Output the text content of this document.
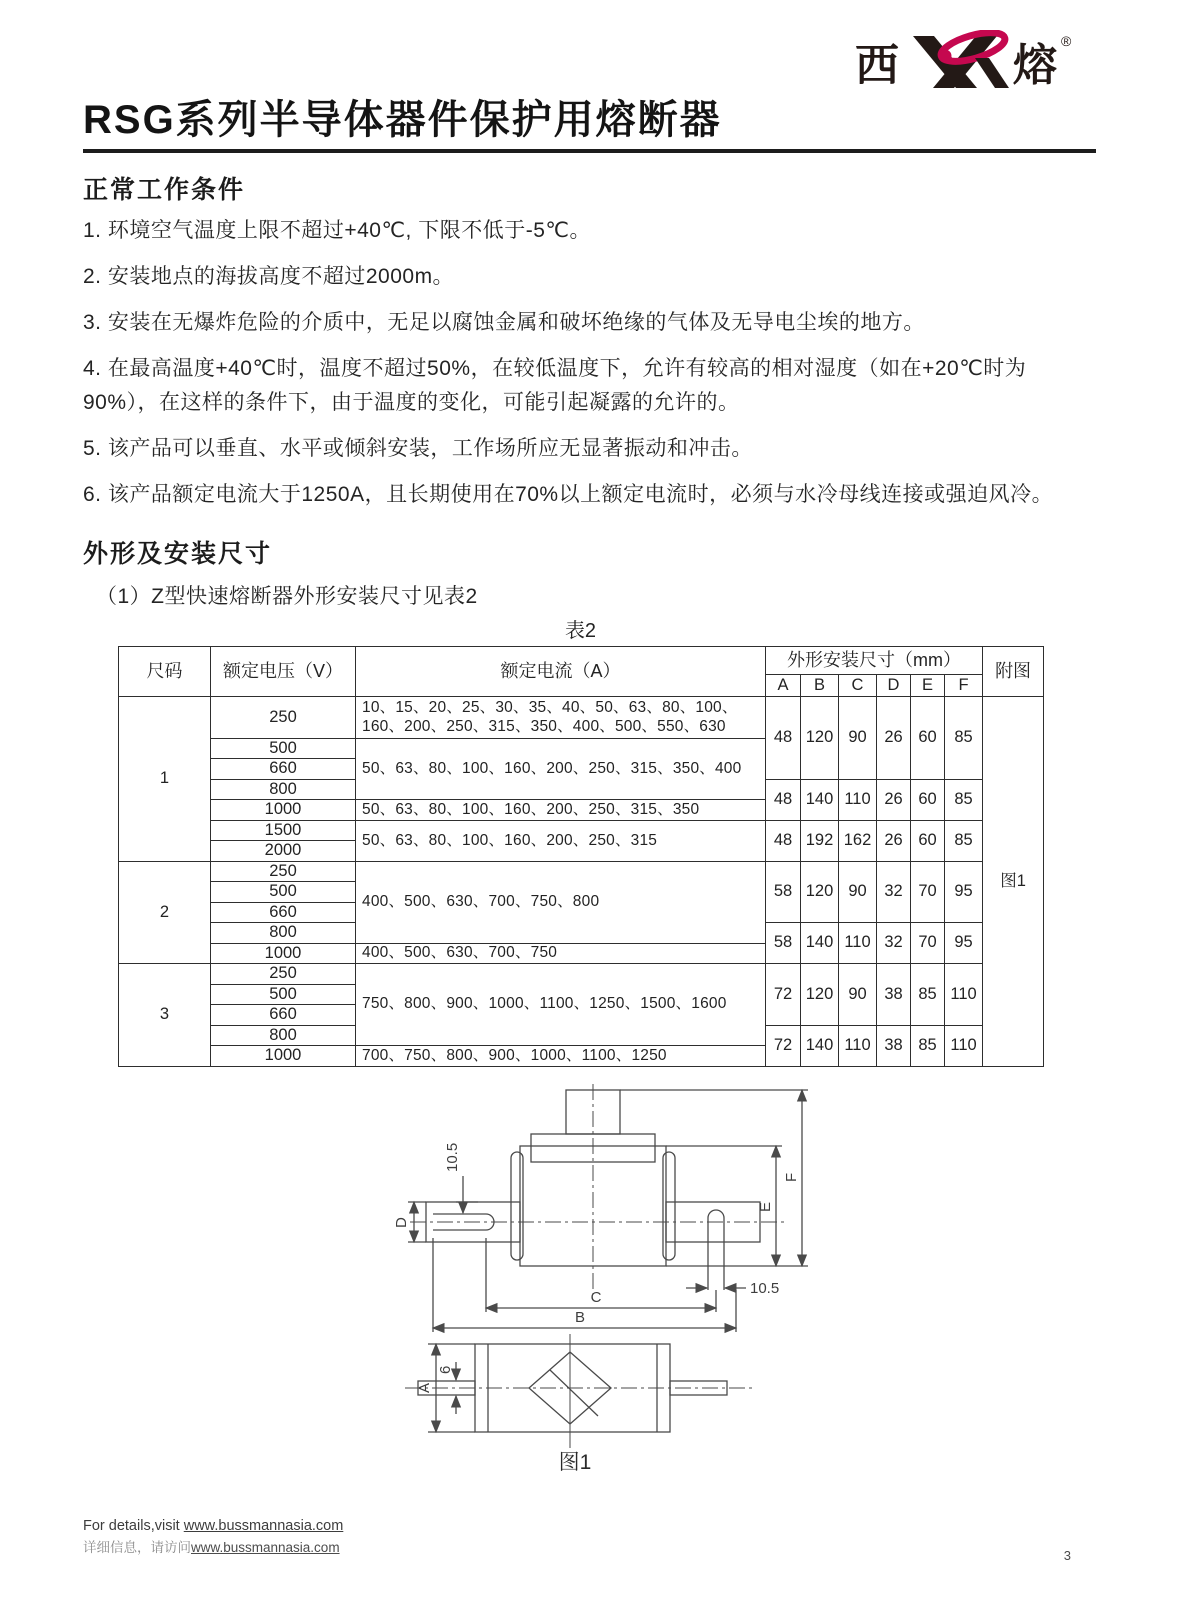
西	熔 ®
RSG系列半导体器件保护用熔断器
正常工作条件

1. 环境空气温度上限不超过+40℃, 下限不低于-5℃。

2. 安装地点的海拔高度不超过2000m。

3. 安装在无爆炸危险的介质中，无足以腐蚀金属和破坏绝缘的气体及无导电尘埃的地方。

4. 在最高温度+40℃时，温度不超过50%，在较低温度下，允许有较高的相对湿度（如在+20℃时为90%），在这样的条件下，由于温度的变化，可能引起凝露的允许的。

5. 该产品可以垂直、水平或倾斜安装，工作场所应无显著振动和冲击。

6. 该产品额定电流大于1250A，且长期使用在70%以上额定电流时，必须与水冷母线连接或强迫风冷。

外形及安装尺寸
（1）Z型快速熔断器外形安装尺寸见表2
表2
尺码	额定电压（V）	额定电流（A）	外形安装尺寸（mm）						附图
			A	B	C	D	E	F	
1	250	10、15、20、25、30、35、40、50、63、80、100、160、200、250、315、350、400、500、550、630	48	120	90	26	60	85	图1
	500	50、63、80、100、160、200、250、315、350、400							
	660								
	800		48	140	110	26	60	85	
	1000	50、63、80、100、160、200、250、315、350							
	1500	50、63、80、100、160、200、250、315	48	192	162	26	60	85	
	2000								
2	250	400、500、630、700、750、800	58	120	90	32	70	95	
	500								
	660								
	800		58	140	110	32	70	95	
	1000	400、500、630、700、750							
3	250	750、800、900、1000、1100、1250、1500、1600	72	120	90	38	85	110	
	500								
	660								
	800		72	140	110	38	85	110	
	1000	700、750、800、900、1000、1100、1250							
D
10.5
E
F
10.5
C
B
A
6
图1
For details,visit www.bussmannasia.com
详细信息，请访问www.bussmannasia.com
3
